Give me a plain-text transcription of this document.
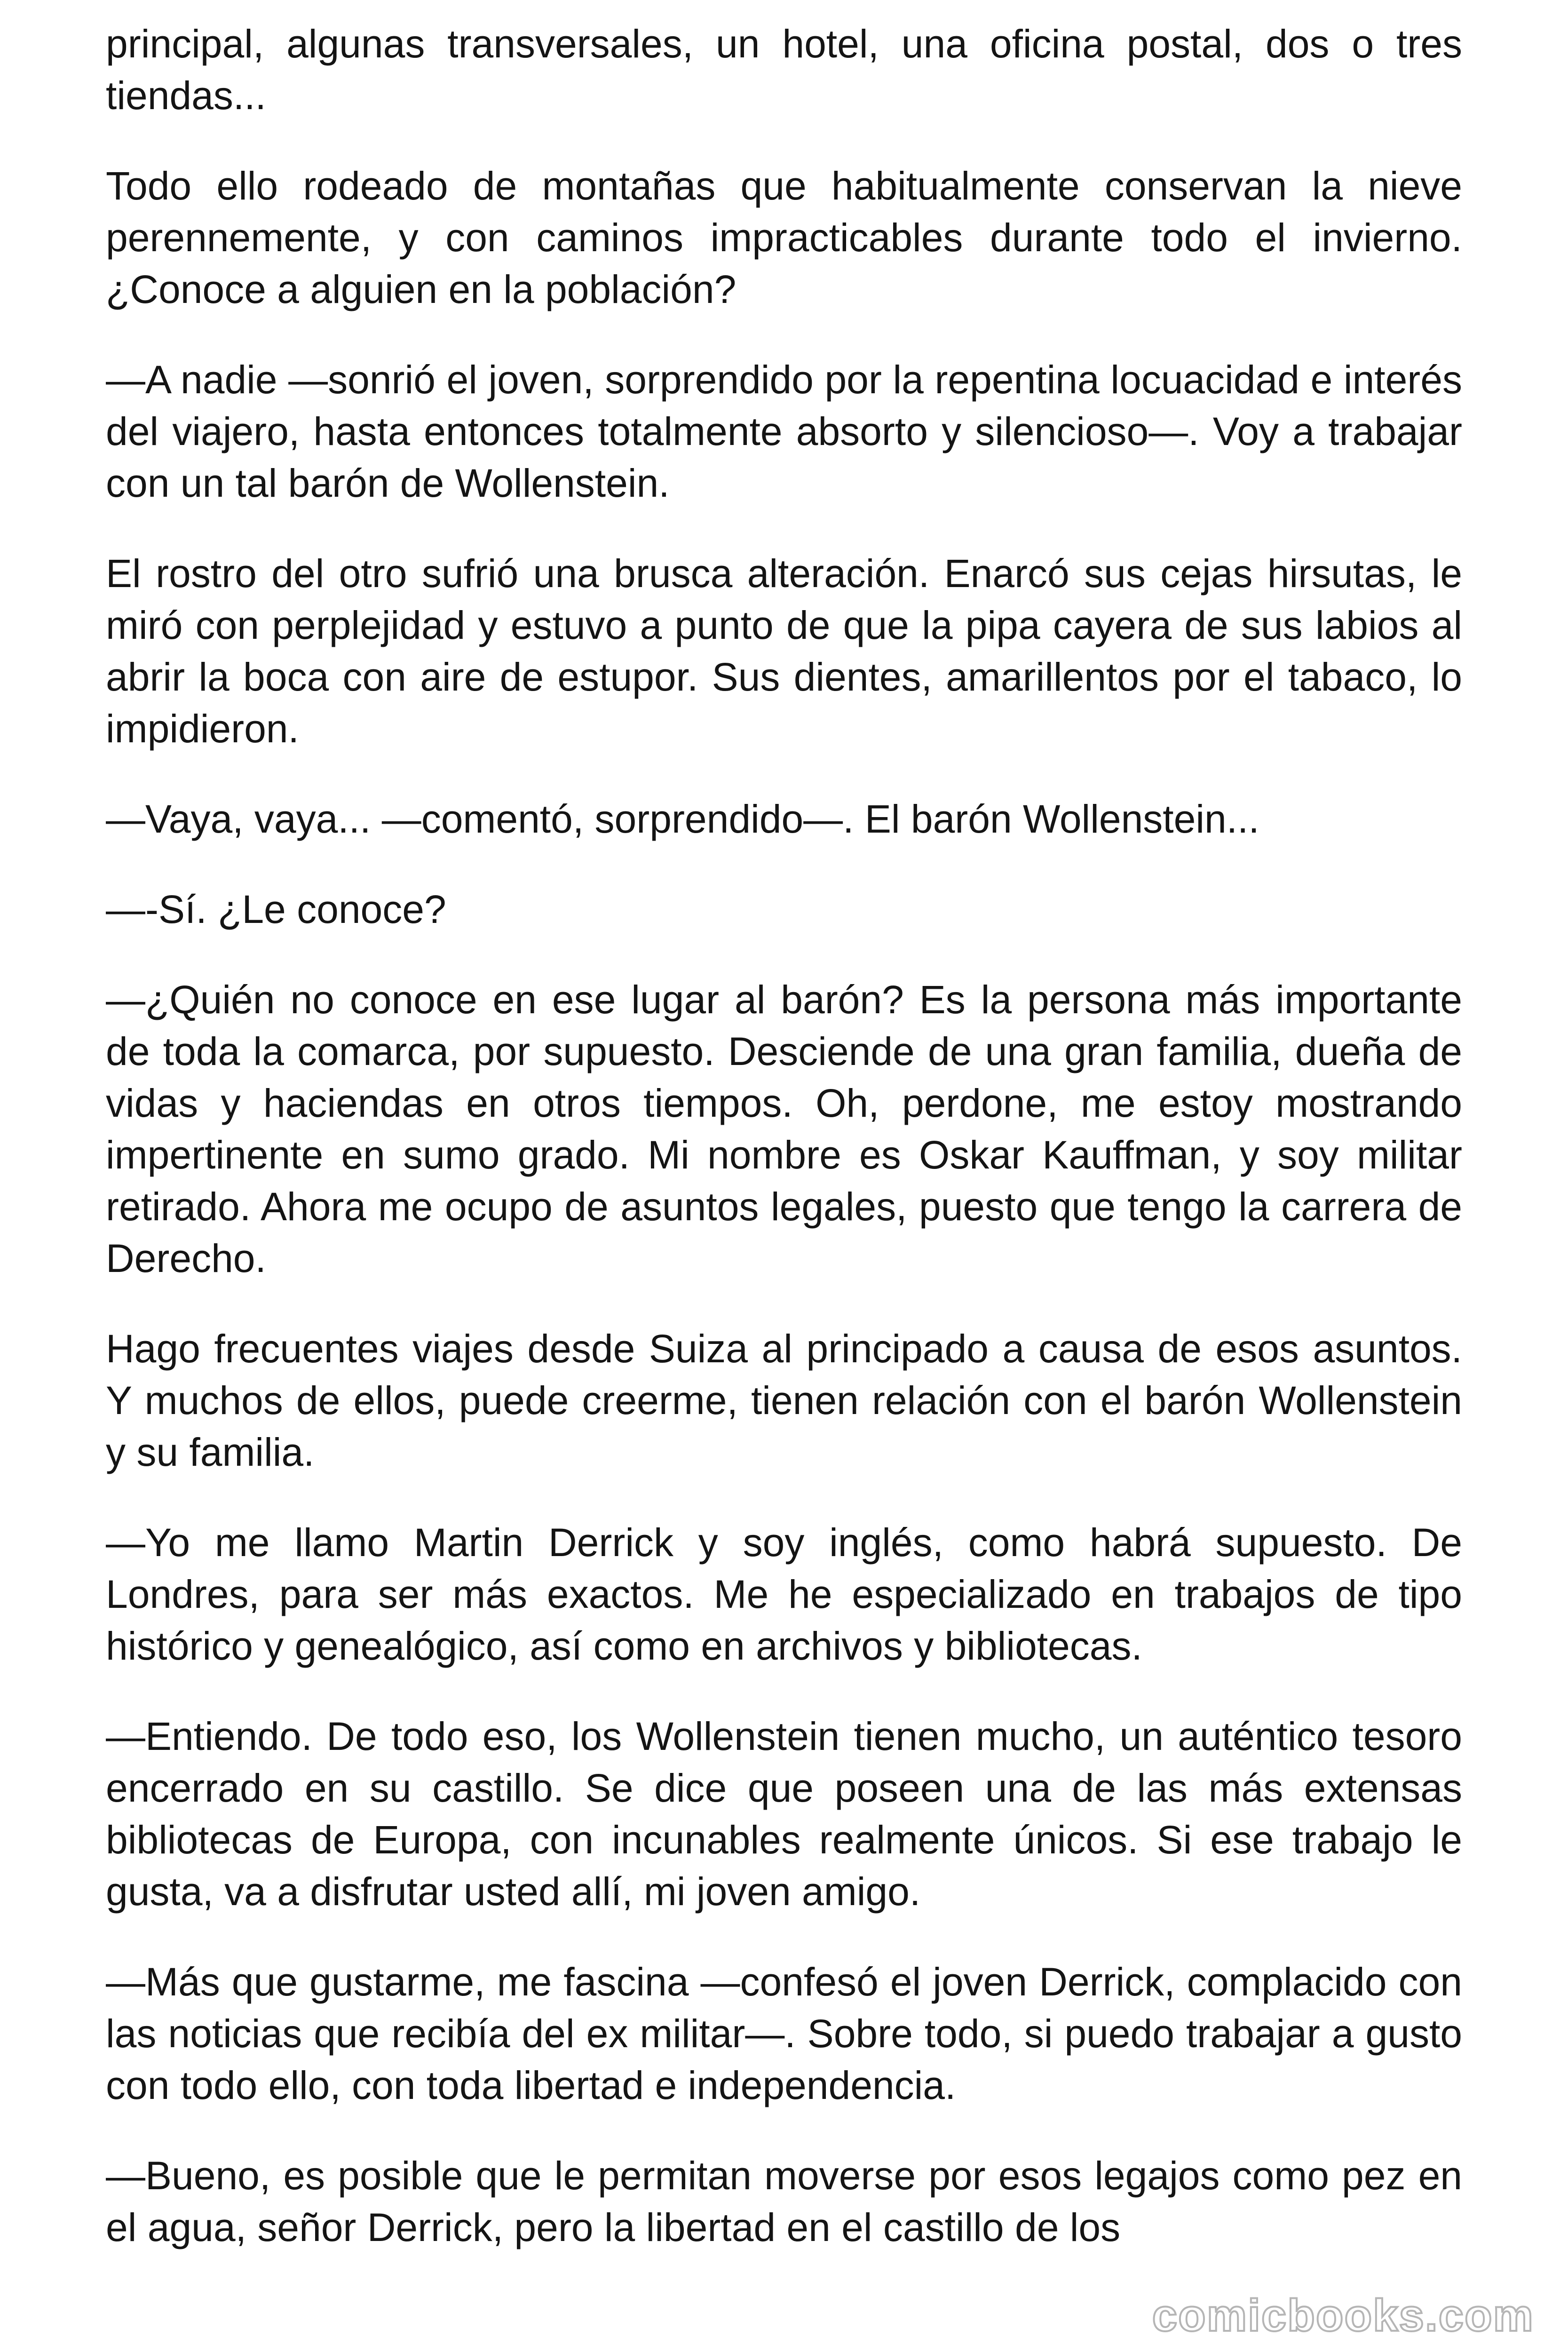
principal, algunas transversales, un hotel, una oficina postal, dos o tres tiendas...

Todo ello rodeado de montañas que habitualmente conservan la nieve perennemente, y con caminos impracticables durante todo el invierno. ¿Conoce a alguien en la población?

—A nadie —sonrió el joven, sorprendido por la repentina locuacidad e interés del viajero, hasta entonces totalmente absorto y silencioso—. Voy a trabajar con un tal barón de Wollenstein.

El rostro del otro sufrió una brusca alteración. Enarcó sus cejas hirsutas, le miró con perplejidad y estuvo a punto de que la pipa cayera de sus labios al abrir la boca con aire de estupor. Sus dientes, amarillentos por el tabaco, lo impidieron.

—Vaya, vaya... —comentó, sorprendido—. El barón Wollenstein...

—-Sí. ¿Le conoce?

—¿Quién no conoce en ese lugar al barón? Es la persona más importante de toda la comarca, por supuesto. Desciende de una gran familia, dueña de vidas y haciendas en otros tiempos. Oh, perdone, me estoy mostrando impertinente en sumo grado. Mi nombre es Oskar Kauffman, y soy militar retirado. Ahora me ocupo de asuntos legales, puesto que tengo la carrera de Derecho.

Hago frecuentes viajes desde Suiza al principado a causa de esos asuntos. Y muchos de ellos, puede creerme, tienen relación con el barón Wollenstein y su familia.

—Yo me llamo Martin Derrick y soy inglés, como habrá supuesto. De Londres, para ser más exactos. Me he especializado en trabajos de tipo histórico y genealógico, así como en archivos y bibliotecas.

—Entiendo. De todo eso, los Wollenstein tienen mucho, un auténtico tesoro encerrado en su castillo. Se dice que poseen una de las más extensas bibliotecas de Europa, con incunables realmente únicos. Si ese trabajo le gusta, va a disfrutar usted allí, mi joven amigo.

—Más que gustarme, me fascina —confesó el joven Derrick, complacido con las noticias que recibía del ex militar—. Sobre todo, si puedo trabajar a gusto con todo ello, con toda libertad e independencia.

—Bueno, es posible que le permitan moverse por esos legajos como pez en el agua, señor Derrick, pero la libertad en el castillo de los

comicbooks.com
